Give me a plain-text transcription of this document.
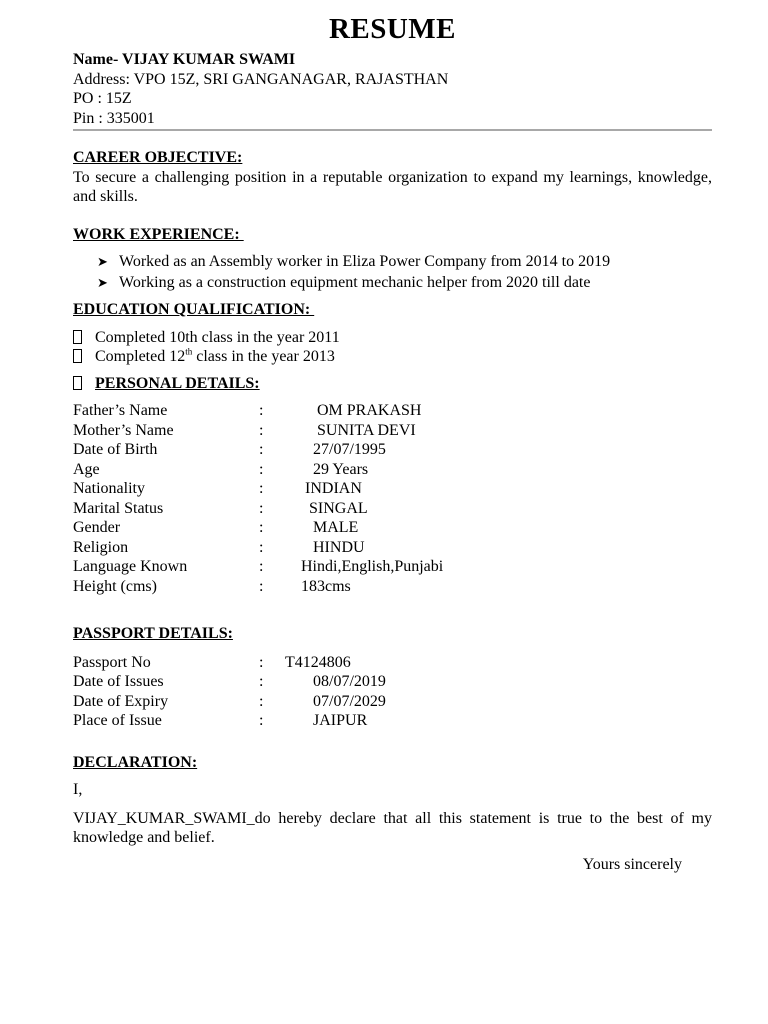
RESUME
Name- VIJAY KUMAR SWAMI
Address: VPO 15Z, SRI GANGANAGAR, RAJASTHAN
PO : 15Z
Pin : 335001

CAREER OBJECTIVE:

To secure a challenging position in a reputable organization to expand my learnings, knowledge, and skills.

WORK EXPERIENCE:

➤ Worked as an Assembly worker in Eliza Power Company from 2014 to 2019
➤ Working as a construction equipment mechanic helper from 2020 till date

EDUCATION QUALIFICATION:

Completed 10th class in the year 2011
Completed 12th class in the year 2013

PERSONAL DETAILS:

Father’s Name	:	OM PRAKASH
Mother’s Name	:	SUNITA DEVI
Date of Birth	:	27/07/1995
Age	:	29 Years
Nationality	:	INDIAN
Marital Status	:	SINGAL
Gender	:	MALE
Religion	:	HINDU
Language Known	:	Hindi,English,Punjabi
Height (cms)	:	183cms

PASSPORT DETAILS:

Passport No	:	T4124806
Date of Issues	:	08/07/2019
Date of Expiry	:	07/07/2029
Place of Issue	:	JAIPUR

DECLARATION:

I,

VIJAY_KUMAR_SWAMI_do hereby declare that all this statement is true to the best of my knowledge and belief.

Yours sincerely
